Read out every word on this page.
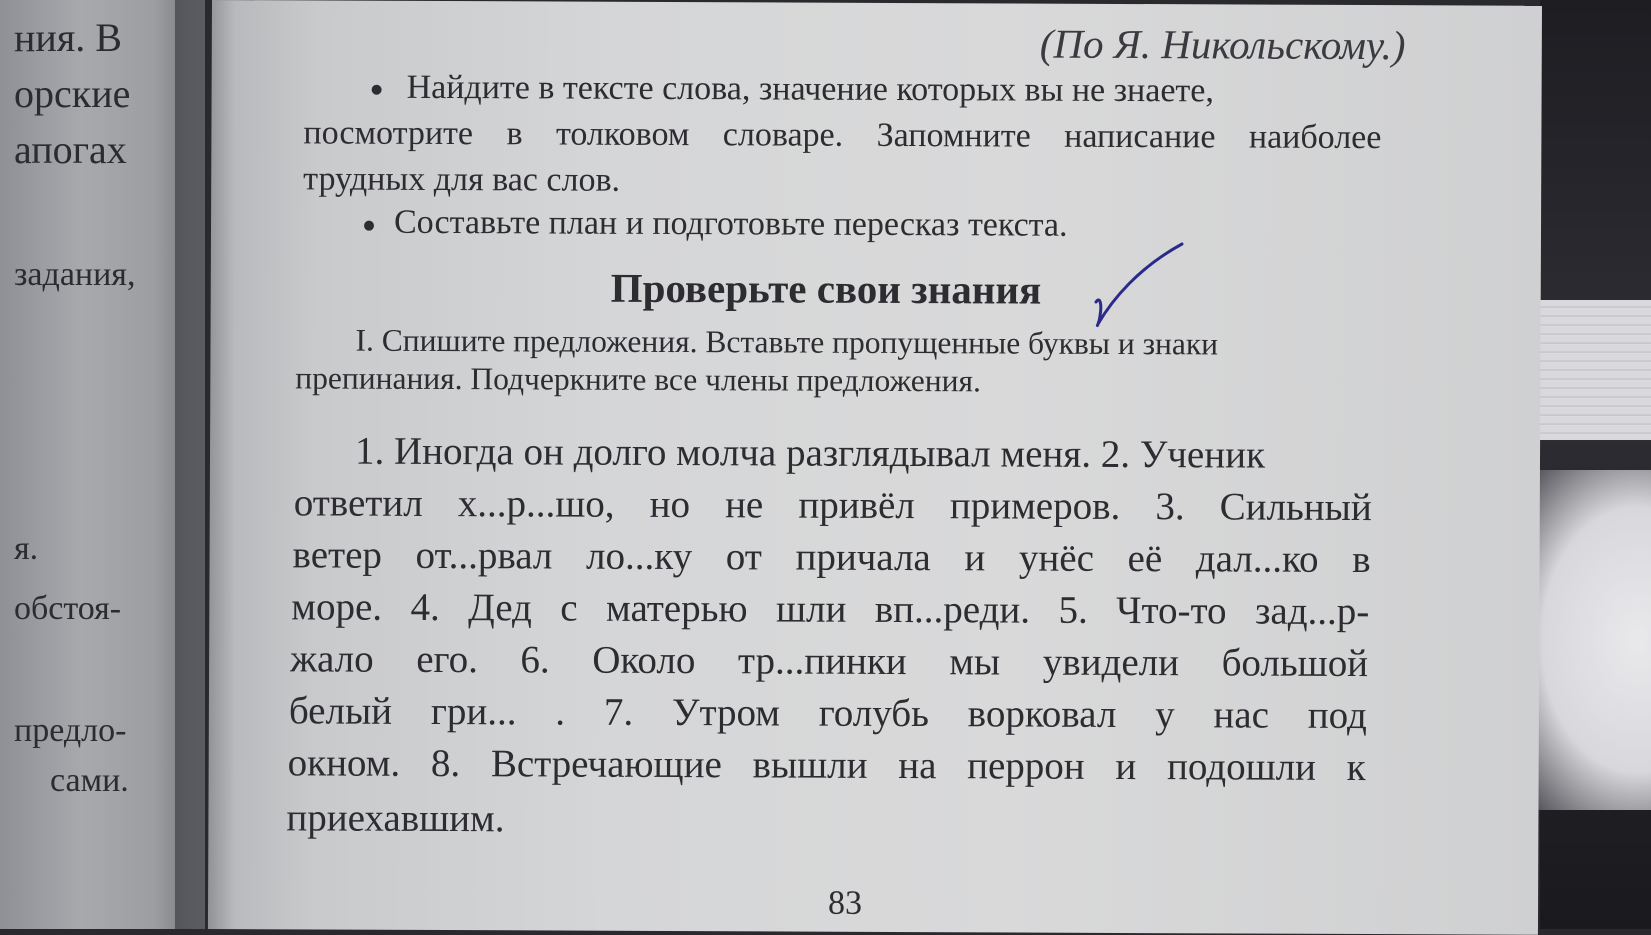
ния. В
орские
апогах
задания,
я.
обстоя-
предло-
сами.
(По Я. Никольскому.)
Найдите в тексте слова, значение которых вы не знаете,
посмотрите в толковом словаре. Запомните написание наиболее
трудных для вас слов.
Составьте план и подготовьте пересказ текста.
Проверьте свои знания
I. Спишите предложения. Вставьте пропущенные буквы и знаки
препинания. Подчеркните все члены предложения.
1. Иногда он долго молча разглядывал меня. 2. Ученик
ответил х...р...шо, но не привёл примеров. 3. Сильный
ветер от...рвал ло...ку от причала и унёс её дал...ко в
море. 4. Дед с матерью шли вп...реди. 5. Что-то зад...р-
жало его. 6. Около тр...пинки мы увидели большой
белый гри... . 7. Утром голубь ворковал у нас под
окном. 8. Встречающие вышли на перрон и подошли к
приехавшим.
83
